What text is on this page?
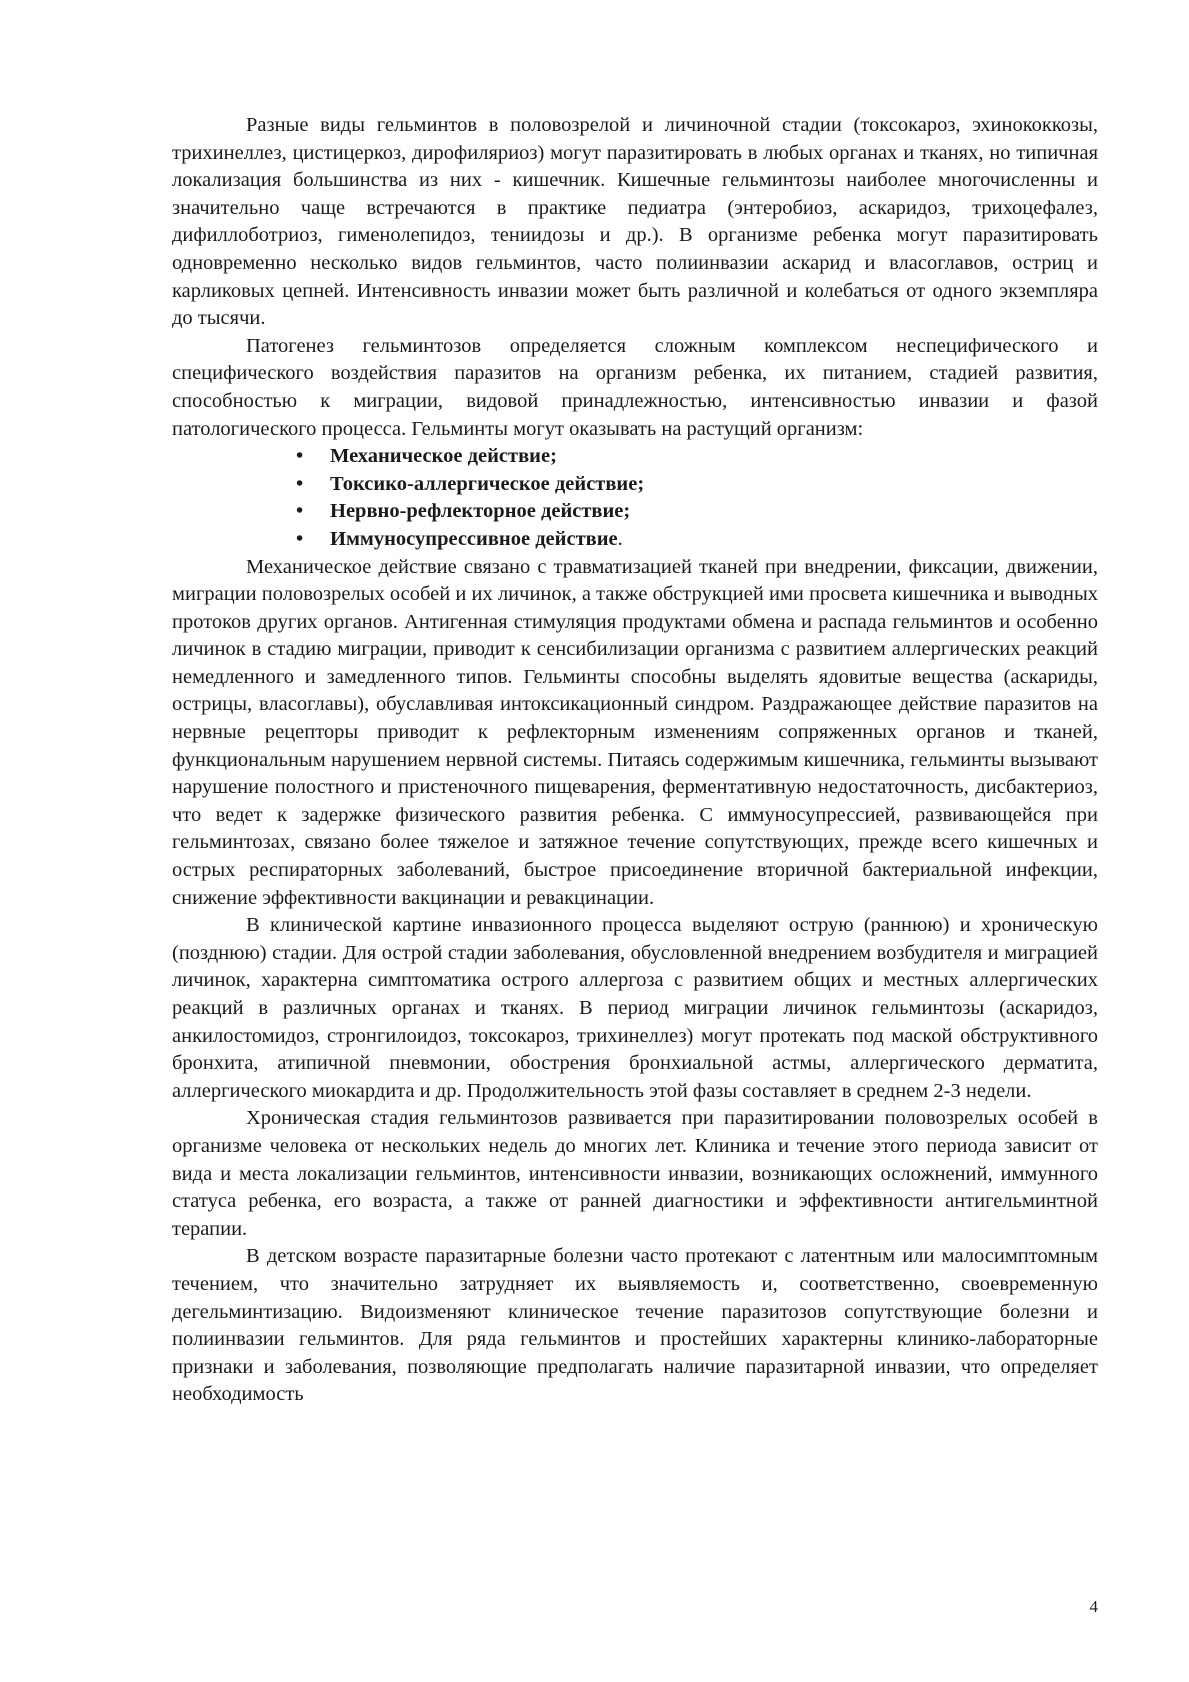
Разные виды гельминтов в половозрелой и личиночной стадии (токсокароз, эхинококкозы, трихинеллез, цистицеркоз, дирофиляриоз) могут паразитировать в любых органах и тканях, но типичная локализация большинства из них - кишечник. Кишечные гельминтозы наиболее многочисленны и значительно чаще встречаются в практике педиатра (энтеробиоз, аскаридоз, трихоцефалез, дифиллоботриоз, гименолепидоз, тениидозы и др.). В организме ребенка могут паразитировать одновременно несколько видов гельминтов, часто полиинвазии аскарид и власоглавов, остриц и карликовых цепней. Интенсивность инвазии может быть различной и колебаться от одного экземпляра до тысячи.

Патогенез гельминтозов определяется сложным комплексом неспецифического и специфического воздействия паразитов на организм ребенка, их питанием, стадией развития, способностью к миграции, видовой принадлежностью, интенсивностью инвазии и фазой патологического процесса. Гельминты могут оказывать на растущий организм:

• Механическое действие;
• Токсико-аллергическое действие;
• Нервно-рефлекторное действие;
• Иммуносупрессивное действие.

Механическое действие связано с травматизацией тканей при внедрении, фиксации, движении, миграции половозрелых особей и их личинок, а также обструкцией ими просвета кишечника и выводных протоков других органов. Антигенная стимуляция продуктами обмена и распада гельминтов и особенно личинок в стадию миграции, приводит к сенсибилизации организма с развитием аллергических реакций немедленного и замедленного типов. Гельминты способны выделять ядовитые вещества (аскариды, острицы, власоглавы), обуславливая интоксикационный синдром. Раздражающее действие паразитов на нервные рецепторы приводит к рефлекторным изменениям сопряженных органов и тканей, функциональным нарушением нервной системы. Питаясь содержимым кишечника, гельминты вызывают нарушение полостного и пристеночного пищеварения, ферментативную недостаточность, дисбактериоз, что ведет к задержке физического развития ребенка. С иммуносупрессией, развивающейся при гельминтозах, связано более тяжелое и затяжное течение сопутствующих, прежде всего кишечных и острых респираторных заболеваний, быстрое присоединение вторичной бактериальной инфекции, снижение эффективности вакцинации и ревакцинации.

В клинической картине инвазионного процесса выделяют острую (раннюю) и хроническую (позднюю) стадии. Для острой стадии заболевания, обусловленной внедрением возбудителя и миграцией личинок, характерна симптоматика острого аллергоза с развитием общих и местных аллергических реакций в различных органах и тканях. В период миграции личинок гельминтозы (аскаридоз, анкилостомидоз, стронгилоидоз, токсокароз, трихинеллез) могут протекать под маской обструктивного бронхита, атипичной пневмонии, обострения бронхиальной астмы, аллергического дерматита, аллергического миокардита и др. Продолжительность этой фазы составляет в среднем 2-3 недели.

Хроническая стадия гельминтозов развивается при паразитировании половозрелых особей в организме человека от нескольких недель до многих лет. Клиника и течение этого периода зависит от вида и места локализации гельминтов, интенсивности инвазии, возникающих осложнений, иммунного статуса ребенка, его возраста, а также от ранней диагностики и эффективности антигельминтной терапии.

В детском возрасте паразитарные болезни часто протекают с латентным или малосимптомным течением, что значительно затрудняет их выявляемость и, соответственно, своевременную дегельминтизацию. Видоизменяют клиническое течение паразитозов сопутствующие болезни и полиинвазии гельминтов. Для ряда гельминтов и простейших характерны клинико-лабораторные признаки и заболевания, позволяющие предполагать наличие паразитарной инвазии, что определяет необходимость

4
